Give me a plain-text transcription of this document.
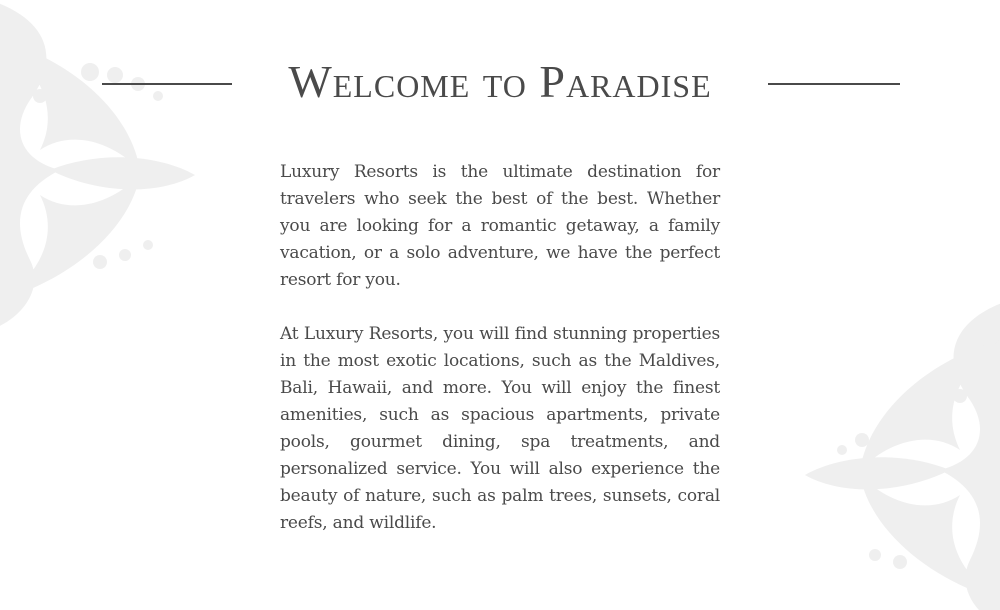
Welcome to Paradise

Luxury Resorts is the ultimate destination for travelers who seek the best of the best. Whether you are looking for a romantic getaway, a family vacation, or a solo adventure, we have the perfect resort for you.

At Luxury Resorts, you will find stunning properties in the most exotic locations, such as the Maldives, Bali, Hawaii, and more. You will enjoy the finest amenities, such as spacious apartments, private pools, gourmet dining, spa treatments, and personalized service. You will also experience the beauty of nature, such as palm trees, sunsets, coral reefs, and wildlife.
